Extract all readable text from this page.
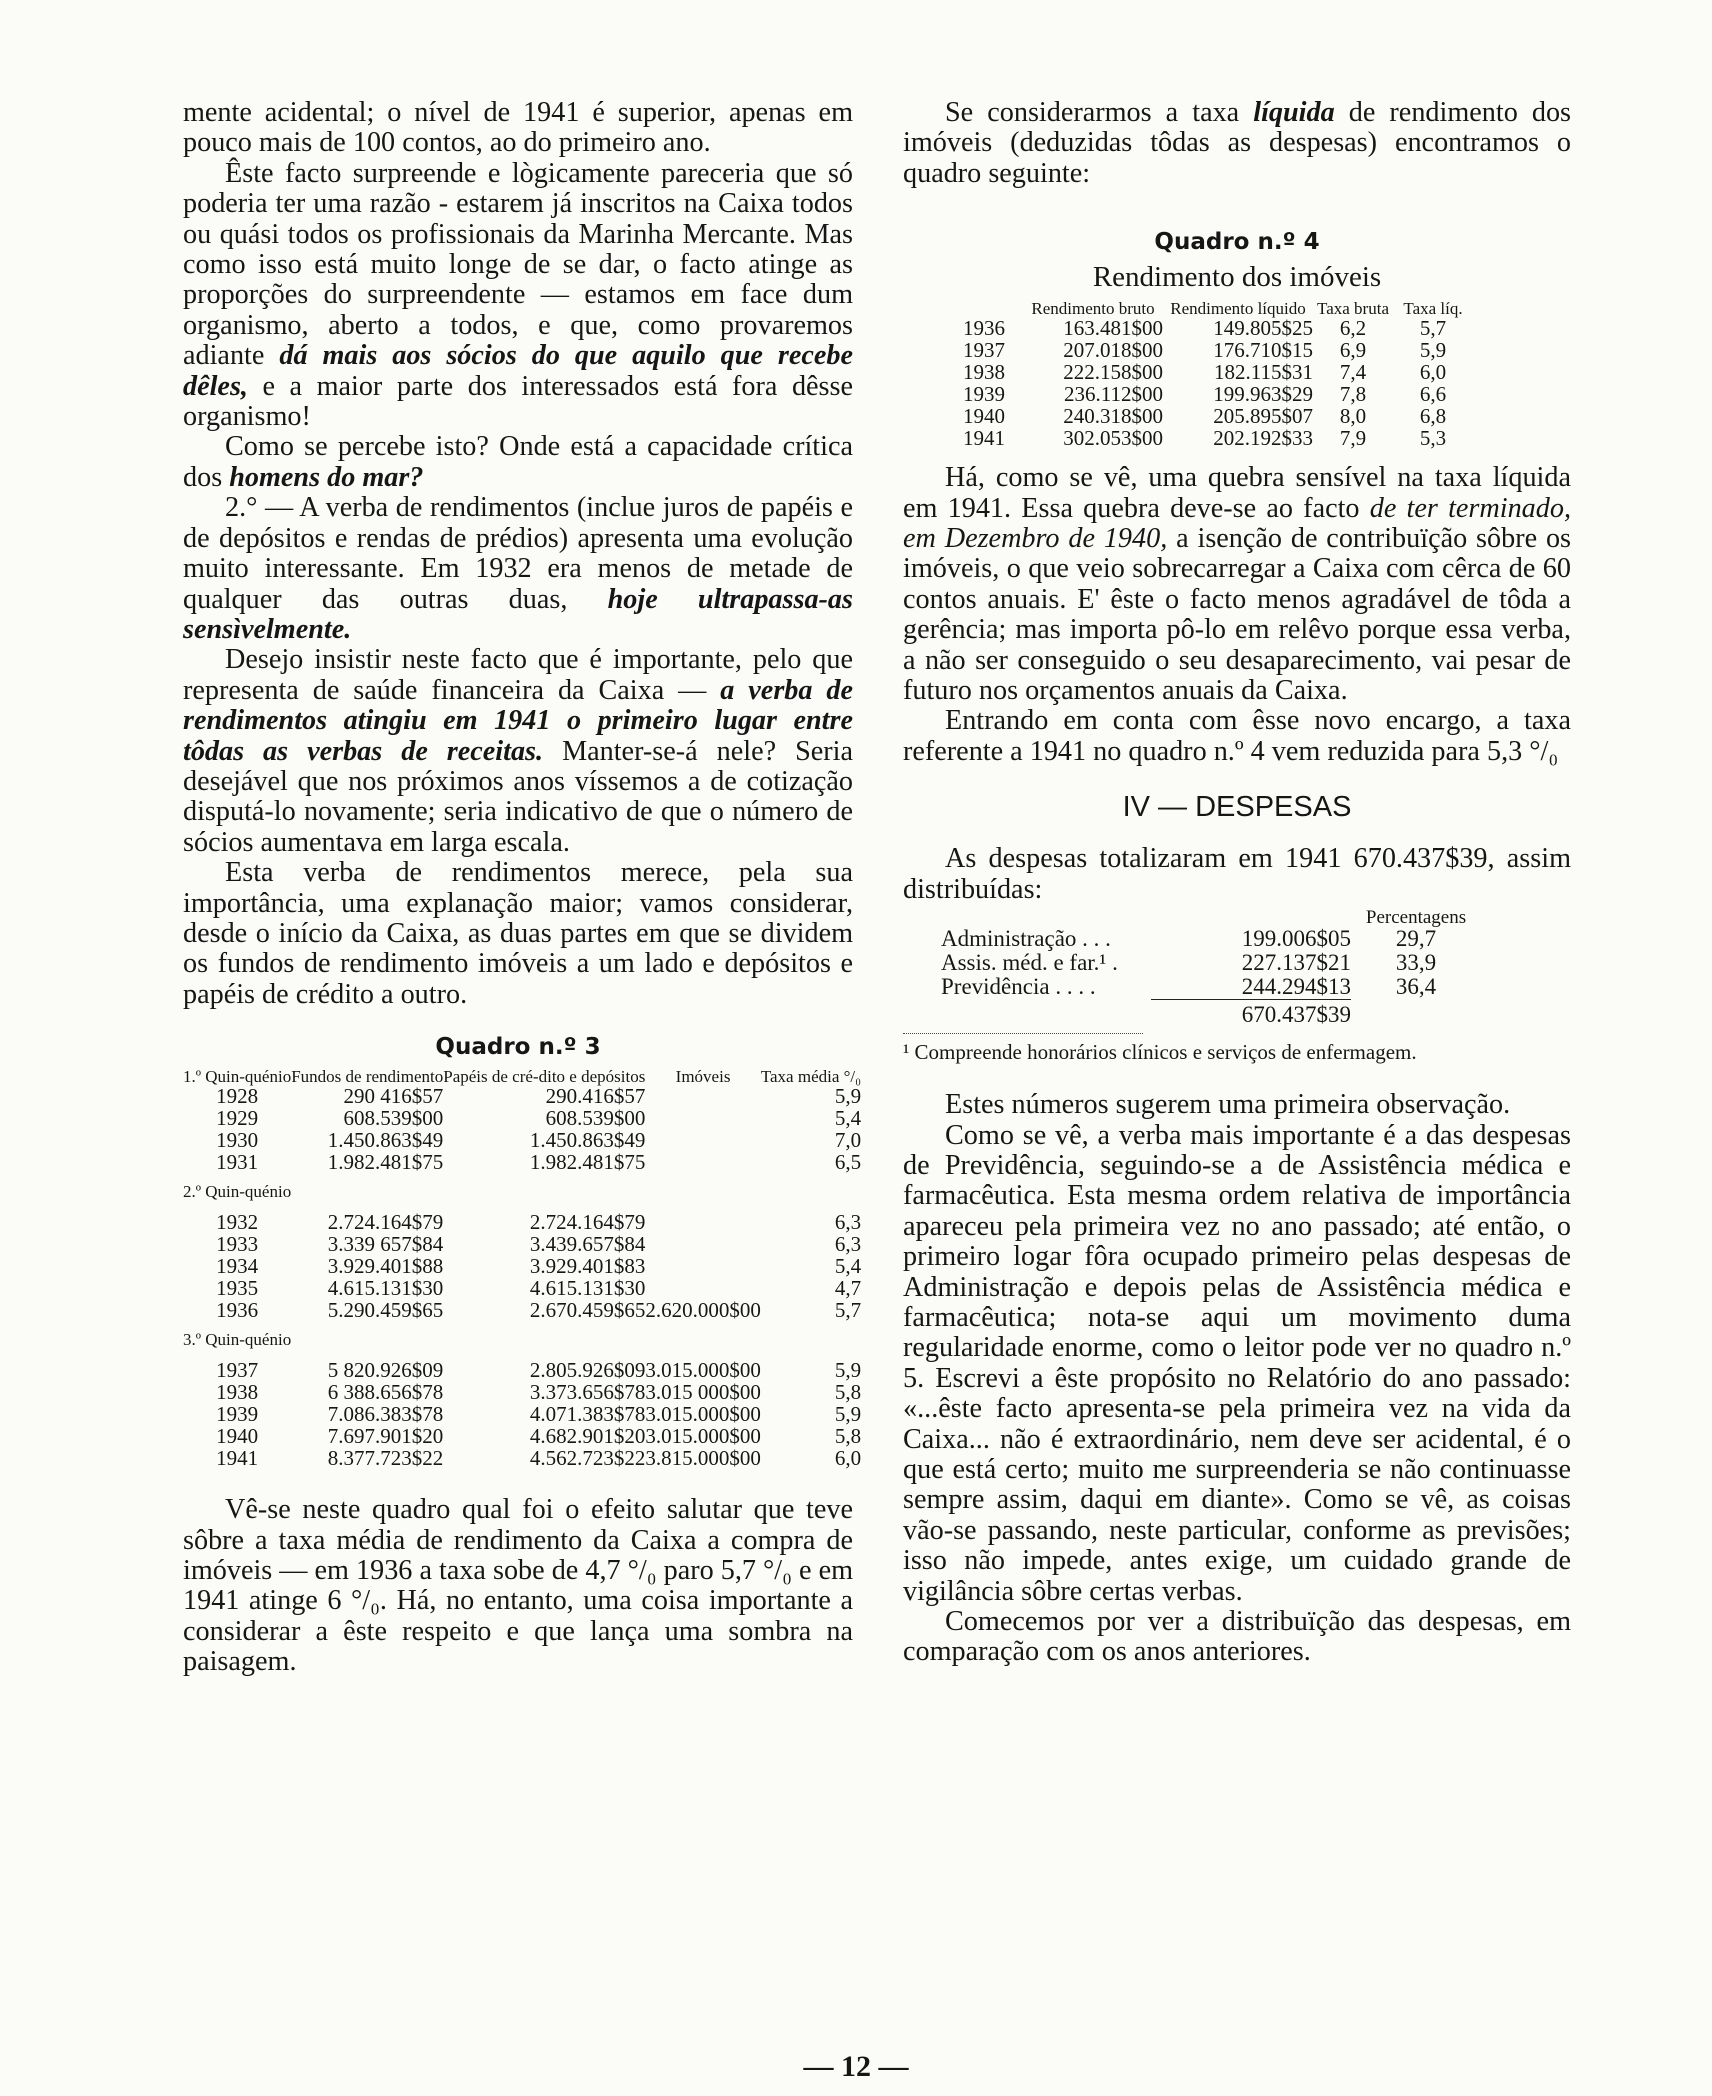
mente acidental; o nível de 1941 é superior, apenas em pouco mais de 100 contos, ao do primeiro ano.

Êste facto surpreende e lògicamente pareceria que só poderia ter uma razão - estarem já inscritos na Caixa todos ou quási todos os profissionais da Marinha Mercante. Mas como isso está muito longe de se dar, o facto atinge as proporções do surpreendente — estamos em face dum organismo, aberto a todos, e que, como provaremos adiante dá mais aos sócios do que aquilo que recebe dêles, e a maior parte dos interessados está fora dêsse organismo!

Como se percebe isto? Onde está a capacidade crítica dos homens do mar?

2.° — A verba de rendimentos (inclue juros de papéis e de depósitos e rendas de prédios) apresenta uma evolução muito interessante. Em 1932 era menos de metade de qualquer das outras duas, hoje ultrapassa-as sensìvelmente.

Desejo insistir neste facto que é importante, pelo que representa de saúde financeira da Caixa — a verba de rendimentos atingiu em 1941 o primeiro lugar entre tôdas as verbas de receitas. Manter-se-á nele? Seria desejável que nos próximos anos víssemos a de cotização disputá-lo novamente; seria indicativo de que o número de sócios aumentava em larga escala.

Esta verba de rendimentos merece, pela sua importância, uma explanação maior; vamos considerar, desde o início da Caixa, as duas partes em que se dividem os fundos de rendimento imóveis a um lado e depósitos e papéis de crédito a outro.

Quadro n.º 3
1.º Quin-quénio	Fundos de rendimento	Papéis de cré-dito e depósitos	Imóveis	Taxa média °/₀
1928	290 416$57	290.416$57		5,9
1929	608.539$00	608.539$00		5,4
1930	1.450.863$49	1.450.863$49		7,0
1931	1.982.481$75	1.982.481$75		6,5
2.º Quin-quénio				
1932	2.724.164$79	2.724.164$79		6,3
1933	3.339 657$84	3.439.657$84		6,3
1934	3.929.401$88	3.929.401$83		5,4
1935	4.615.131$30	4.615.131$30		4,7
1936	5.290.459$65	2.670.459$65	2.620.000$00	5,7
3.º Quin-quénio				
1937	5 820.926$09	2.805.926$09	3.015.000$00	5,9
1938	6 388.656$78	3.373.656$78	3.015 000$00	5,8
1939	7.086.383$78	4.071.383$78	3.015.000$00	5,9
1940	7.697.901$20	4.682.901$20	3.015.000$00	5,8
1941	8.377.723$22	4.562.723$22	3.815.000$00	6,0

Vê-se neste quadro qual foi o efeito salutar que teve sôbre a taxa média de rendimento da Caixa a compra de imóveis — em 1936 a taxa sobe de 4,7 °/₀ paro 5,7 °/₀ e em 1941 atinge 6 °/₀. Há, no entanto, uma coisa importante a considerar a êste respeito e que lança uma sombra na paisagem.

Se considerarmos a taxa líquida de rendimento dos imóveis (deduzidas tôdas as despesas) encontramos o quadro seguinte:

Quadro n.º 4
Rendimento dos imóveis
	Rendimento bruto	Rendimento líquido	Taxa bruta	Taxa líq.
1936	163.481$00	149.805$25	6,2	5,7
1937	207.018$00	176.710$15	6,9	5,9
1938	222.158$00	182.115$31	7,4	6,0
1939	236.112$00	199.963$29	7,8	6,6
1940	240.318$00	205.895$07	8,0	6,8
1941	302.053$00	202.192$33	7,9	5,3

Há, como se vê, uma quebra sensível na taxa líquida em 1941. Essa quebra deve-se ao facto de ter terminado, em Dezembro de 1940, a isenção de contribuïção sôbre os imóveis, o que veio sobrecarregar a Caixa com cêrca de 60 contos anuais. E' êste o facto menos agradável de tôda a gerência; mas importa pô-lo em relêvo porque essa verba, a não ser conseguido o seu desaparecimento, vai pesar de futuro nos orçamentos anuais da Caixa.

Entrando em conta com êsse novo encargo, a taxa referente a 1941 no quadro n.º 4 vem reduzida para 5,3 °/₀

IV — DESPESAS

As despesas totalizaram em 1941 670.437$39, assim distribuídas:

		Percentagens
Administração . . .	199.006$05	29,7
Assis. méd. e far.¹ .	227.137$21	33,9
Previdência . . . .	244.294$13	36,4
	670.437$39	

¹ Compreende honorários clínicos e serviços de enfermagem.

Estes números sugerem uma primeira observação.

Como se vê, a verba mais importante é a das despesas de Previdência, seguindo-se a de Assistência médica e farmacêutica. Esta mesma ordem relativa de importância apareceu pela primeira vez no ano passado; até então, o primeiro logar fôra ocupado primeiro pelas despesas de Administração e depois pelas de Assistência médica e farmacêutica; nota-se aqui um movimento duma regularidade enorme, como o leitor pode ver no quadro n.º 5. Escrevi a êste propósito no Relatório do ano passado: «...êste facto apresenta-se pela primeira vez na vida da Caixa... não é extraordinário, nem deve ser acidental, é o que está certo; muito me surpreenderia se não continuasse sempre assim, daqui em diante». Como se vê, as coisas vão-se passando, neste particular, conforme as previsões; isso não impede, antes exige, um cuidado grande de vigilância sôbre certas verbas.

Comecemos por ver a distribuïção das despesas, em comparação com os anos anteriores.

— 12 —
